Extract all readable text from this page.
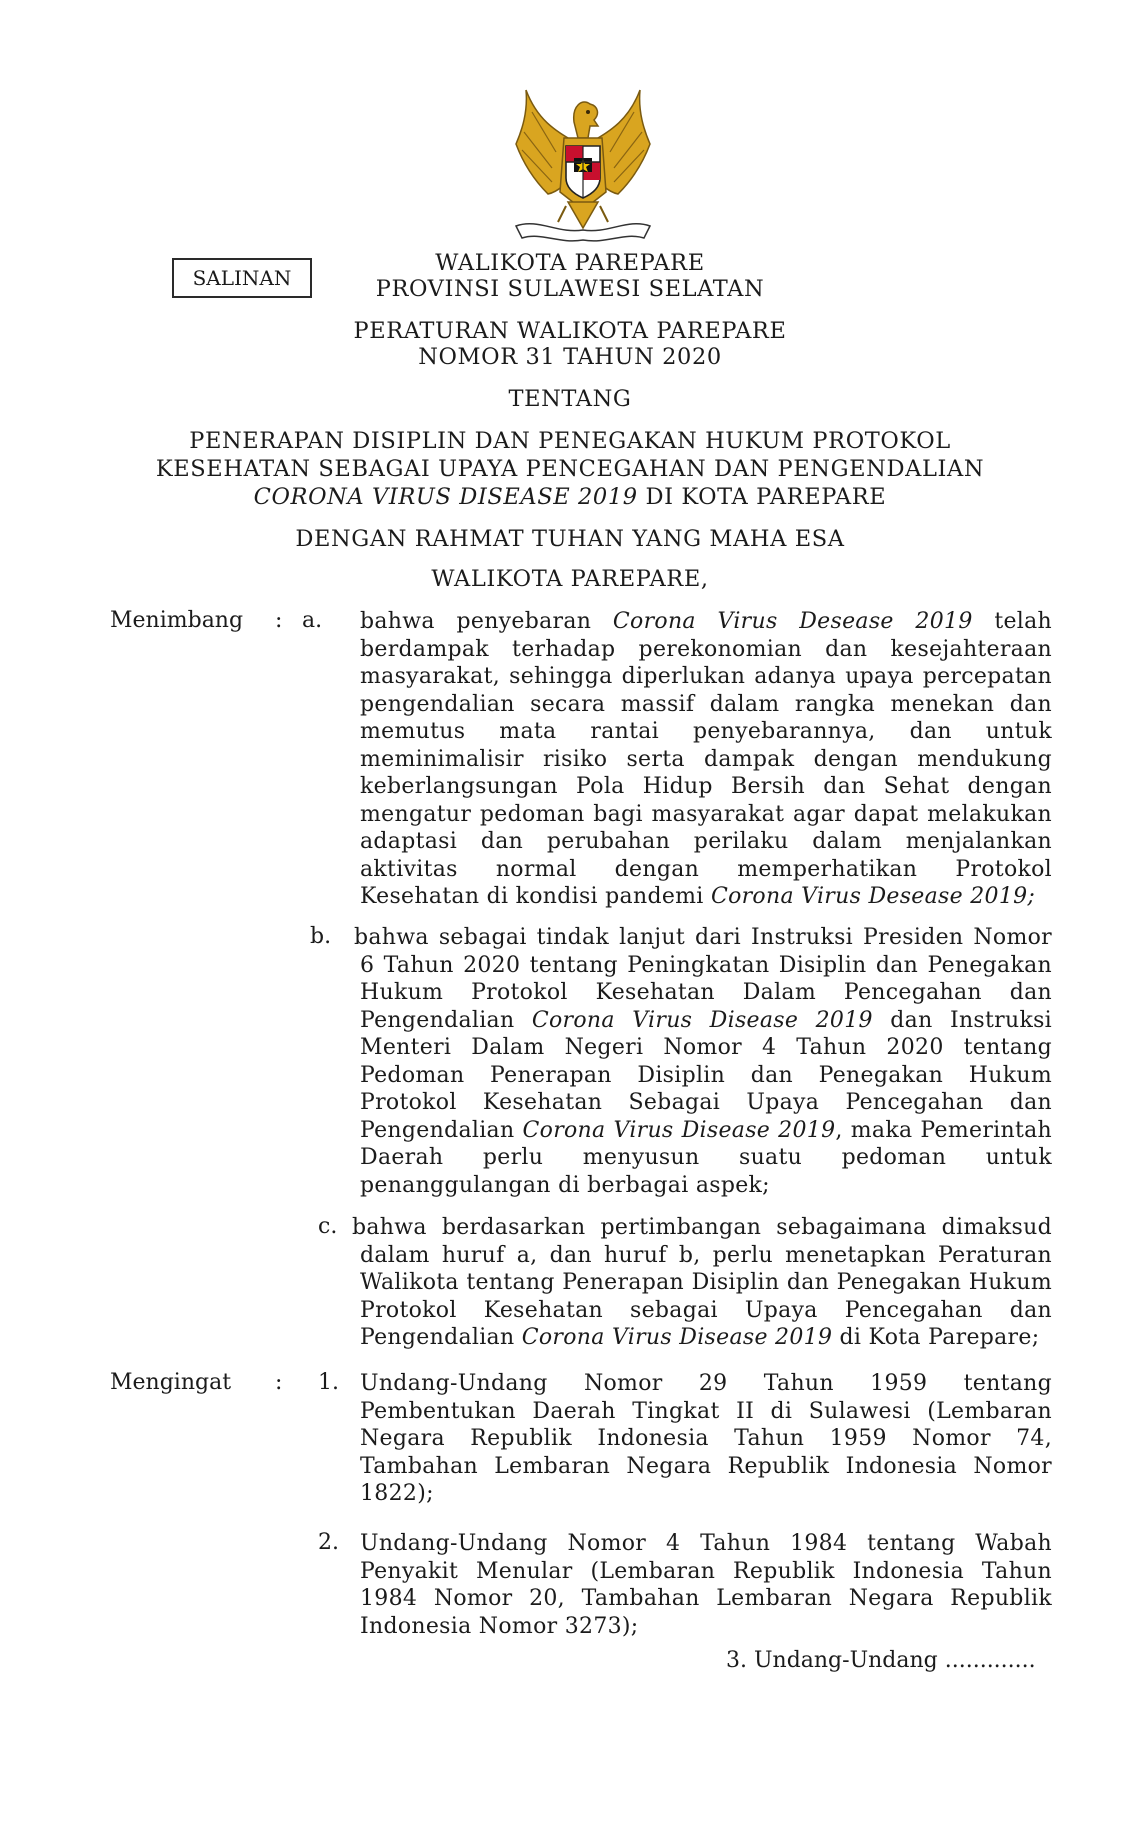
SALINAN
WALIKOTA PAREPARE
PROVINSI SULAWESI SELATAN
PERATURAN WALIKOTA PAREPARE
NOMOR 31 TAHUN 2020
TENTANG
PENERAPAN DISIPLIN DAN PENEGAKAN HUKUM PROTOKOL
KESEHATAN SEBAGAI UPAYA PENCEGAHAN DAN PENGENDALIAN
CORONA VIRUS DISEASE 2019 DI KOTA PAREPARE
DENGAN RAHMAT TUHAN YANG MAHA ESA
WALIKOTA PAREPARE,
Menimbang : a. bahwa penyebaran Corona Virus Desease 2019 telah berdampak terhadap perekonomian dan kesejahteraan masyarakat, sehingga diperlukan adanya upaya percepatan pengendalian secara massif dalam rangka menekan dan memutus mata rantai penyebarannya, dan untuk meminimalisir risiko serta dampak dengan mendukung keberlangsungan Pola Hidup Bersih dan Sehat dengan mengatur pedoman bagi masyarakat agar dapat melakukan adaptasi dan perubahan perilaku dalam menjalankan aktivitas normal dengan memperhatikan Protokol Kesehatan di kondisi pandemi Corona Virus Desease 2019;
b. bahwa sebagai tindak lanjut dari Instruksi Presiden Nomor 6 Tahun 2020 tentang Peningkatan Disiplin dan Penegakan Hukum Protokol Kesehatan Dalam Pencegahan dan Pengendalian Corona Virus Disease 2019 dan Instruksi Menteri Dalam Negeri Nomor 4 Tahun 2020 tentang Pedoman Penerapan Disiplin dan Penegakan Hukum Protokol Kesehatan Sebagai Upaya Pencegahan dan Pengendalian Corona Virus Disease 2019, maka Pemerintah Daerah perlu menyusun suatu pedoman untuk penanggulangan di berbagai aspek;
c. bahwa berdasarkan pertimbangan sebagaimana dimaksud dalam huruf a, dan huruf b, perlu menetapkan Peraturan Walikota tentang Penerapan Disiplin dan Penegakan Hukum Protokol Kesehatan sebagai Upaya Pencegahan dan Pengendalian Corona Virus Disease 2019 di Kota Parepare;
Mengingat : 1. Undang-Undang Nomor 29 Tahun 1959 tentang Pembentukan Daerah Tingkat II di Sulawesi (Lembaran Negara Republik Indonesia Tahun 1959 Nomor 74, Tambahan Lembaran Negara Republik Indonesia Nomor 1822);
2. Undang-Undang Nomor 4 Tahun 1984 tentang Wabah Penyakit Menular (Lembaran Republik Indonesia Tahun 1984 Nomor 20, Tambahan Lembaran Negara Republik Indonesia Nomor 3273);
3. Undang-Undang .............
